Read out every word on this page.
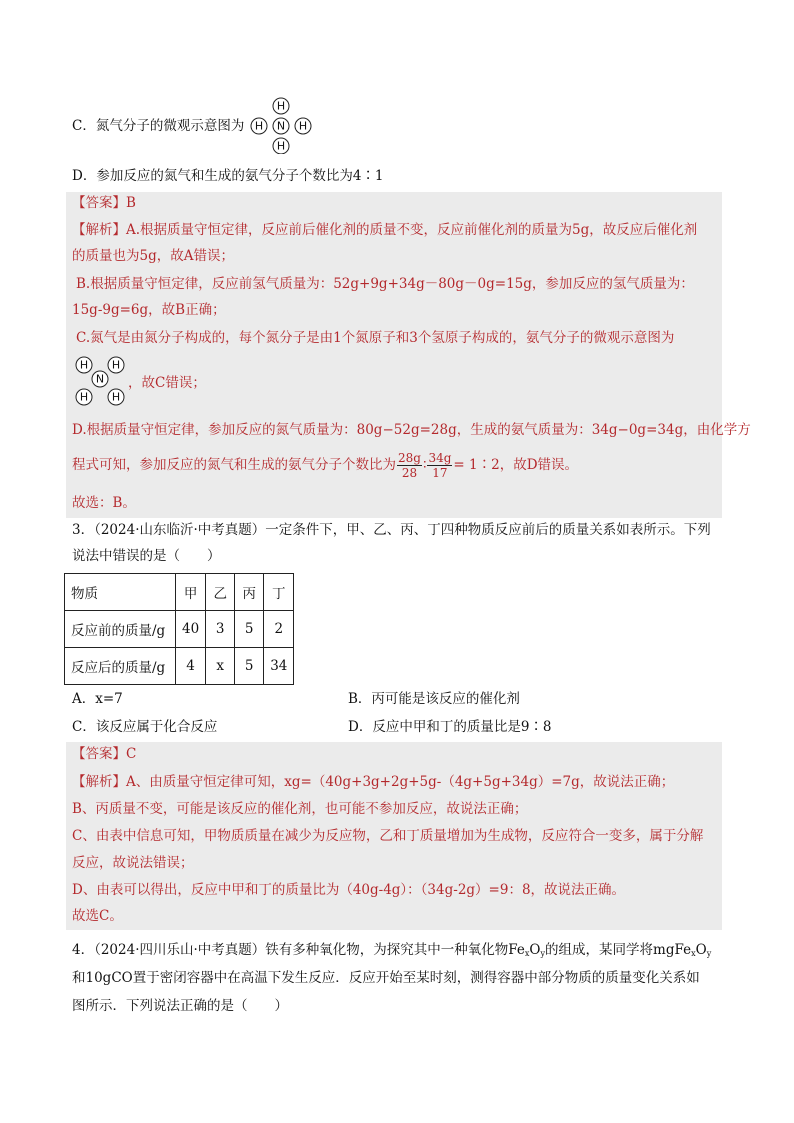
C．氮气分子的微观示意图为
H
H N H
H
D．参加反应的氮气和生成的氨气分子个数比为4∶1
【答案】B
【解析】A.根据质量守恒定律，反应前后催化剂的质量不变，反应前催化剂的质量为5g，故反应后催化剂
的质量也为5g，故A错误；
B.根据质量守恒定律，反应前氢气质量为：52g+9g+34g－80g－0g=15g，参加反应的氢气质量为：
15g-9g=6g，故B正确；
C.氮气是由氮分子构成的，每个氮分子是由1个氮原子和3个氢原子构成的，氨气分子的微观示意图为
H H
N
H H
，故C错误；
D.根据质量守恒定律，参加反应的氮气质量为：80g−52g=28g，生成的氨气质量为：34g−0g=34g，由化学方
程式可知，参加反应的氮气和生成的氨气分子个数比为 $\frac{28g}{28}$ ∶ $\frac{34g}{17}$ = 1∶2，故D错误。
故选：B。
3．（2024·山东临沂·中考真题）一定条件下，甲、乙、丙、丁四种物质反应前后的质量关系如表所示。下列
说法中错误的是（　　）
物质	甲	乙	丙	丁
反应前的质量/g	40	3	5	2
反应后的质量/g	4	x	5	34
A．x=7	B．丙可能是该反应的催化剂
C．该反应属于化合反应	D．反应中甲和丁的质量比是9∶8
【答案】C
【解析】A、由质量守恒定律可知，xg=（40g+3g+2g+5g-（4g+5g+34g）=7g，故说法正确；
B、丙质量不变，可能是该反应的催化剂，也可能不参加反应，故说法正确；
C、由表中信息可知，甲物质质量在减少为反应物，乙和丁质量增加为生成物，反应符合一变多，属于分解
反应，故说法错误；
D、由表可以得出，反应中甲和丁的质量比为（40g-4g）：（34g-2g）=9：8，故说法正确。
故选C。
4．（2024·四川乐山·中考真题）铁有多种氧化物，为探究其中一种氧化物$Fe_xO_y$的组成，某同学将$mgFe_xO_y$
和10gCO置于密闭容器中在高温下发生反应．反应开始至某时刻，测得容器中部分物质的质量变化关系如
图所示．下列说法正确的是（　　）
